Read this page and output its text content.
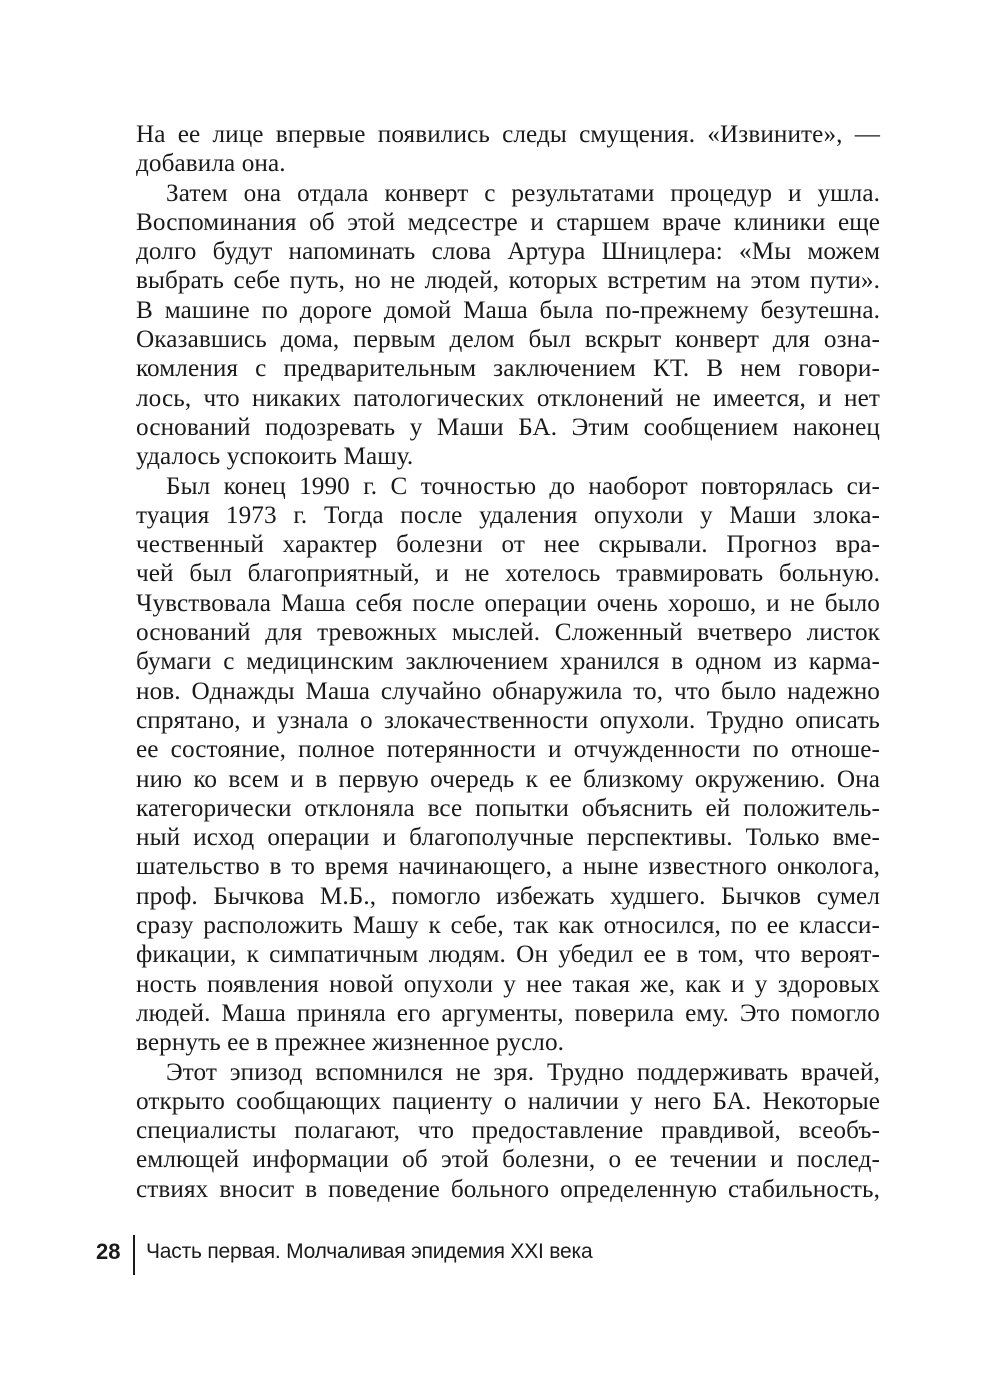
На ее лице впервые появились следы смущения. «Извините», —
добавила она.
Затем она отдала конверт с результатами процедур и ушла.
Воспоминания об этой медсестре и старшем враче клиники еще
долго будут напоминать слова Артура Шницлера: «Мы можем
выбрать себе путь, но не людей, которых встретим на этом пути».
В машине по дороге домой Маша была по-прежнему безутешна.
Оказавшись дома, первым делом был вскрыт конверт для озна-
комления с предварительным заключением КТ. В нем говори-
лось, что никаких патологических отклонений не имеется, и нет
оснований подозревать у Маши БА. Этим сообщением наконец
удалось успокоить Машу.
Был конец 1990 г. С точностью до наоборот повторялась си-
туация 1973 г. Тогда после удаления опухоли у Маши злока-
чественный характер болезни от нее скрывали. Прогноз вра-
чей был благоприятный, и не хотелось травмировать больную.
Чувствовала Маша себя после операции очень хорошо, и не было
оснований для тревожных мыслей. Сложенный вчетверо листок
бумаги с медицинским заключением хранился в одном из карма-
нов. Однажды Маша случайно обнаружила то, что было надежно
спрятано, и узнала о злокачественности опухоли. Трудно описать
ее состояние, полное потерянности и отчужденности по отноше-
нию ко всем и в первую очередь к ее близкому окружению. Она
категорически отклоняла все попытки объяснить ей положитель-
ный исход операции и благополучные перспективы. Только вме-
шательство в то время начинающего, а ныне известного онколога,
проф. Бычкова М.Б., помогло избежать худшего. Бычков сумел
сразу расположить Машу к себе, так как относился, по ее класси-
фикации, к симпатичным людям. Он убедил ее в том, что вероят-
ность появления новой опухоли у нее такая же, как и у здоровых
людей. Маша приняла его аргументы, поверила ему. Это помогло
вернуть ее в прежнее жизненное русло.
Этот эпизод вспомнился не зря. Трудно поддерживать врачей,
открыто сообщающих пациенту о наличии у него БА. Некоторые
специалисты полагают, что предоставление правдивой, всеобъ-
емлющей информации об этой болезни, о ее течении и послед-
ствиях вносит в поведение больного определенную стабильность,
28 Часть первая. Молчаливая эпидемия XXI века
